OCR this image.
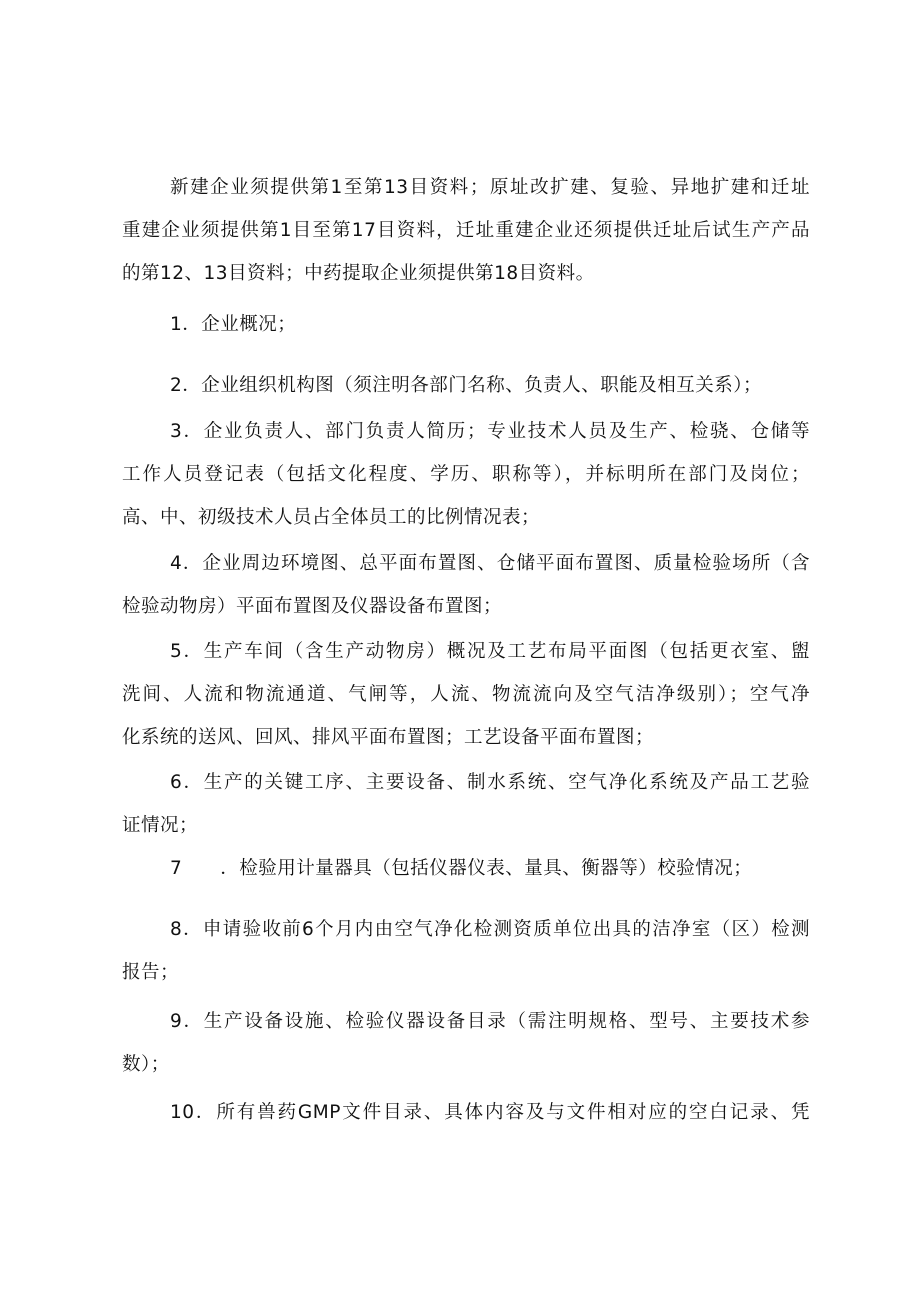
新建企业须提供第1至第13目资料；原址改扩建、复验、异地扩建和迁址
重建企业须提供第1目至第17目资料，迁址重建企业还须提供迁址后试生产产品
的第12、13目资料；中药提取企业须提供第18目资料。
1．企业概况；
2．企业组织机构图（须注明各部门名称、负责人、职能及相互关系）；
3．企业负责人、部门负责人简历；专业技术人员及生产、检骁、仓储等
工作人员登记表（包括文化程度、学历、职称等），并标明所在部门及岗位；
高、中、初级技术人员占全体员工的比例情况表；
4．企业周边环境图、总平面布置图、仓储平面布置图、质量检验场所（含
检验动物房）平面布置图及仪器设备布置图；
5．生产车间（含生产动物房）概况及工艺布局平面图（包括更衣室、盥
洗间、人流和物流通道、气闸等，人流、物流流向及空气洁净级别）；空气净
化系统的送风、回风、排风平面布置图；工艺设备平面布置图；
6．生产的关键工序、主要设备、制水系统、空气净化系统及产品工艺验
证情况；
7　　．检验用计量器具（包括仪器仪表、量具、衡器等）校验情况；
8．申请验收前6个月内由空气净化检测资质单位出具的洁净室（区）检测
报告；
9．生产设备设施、检验仪器设备目录（需注明规格、型号、主要技术参
数）；
10．所有兽药GMP文件目录、具体内容及与文件相对应的空白记录、凭
